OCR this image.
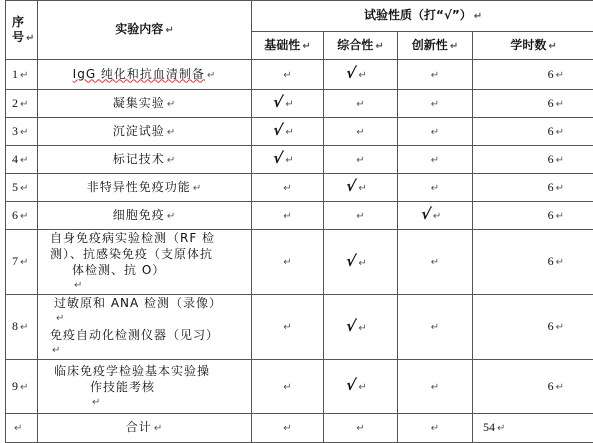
序
号 ↵	实验内容 ↵	试验性质（打“√”） ↵			
		基础性 ↵	综合性 ↵	创新性 ↵	学时数 ↵
1 ↵	IgG 纯化和抗血清制备 ↵	↵	√↵	↵	6 ↵
2 ↵	凝集实验 ↵	√↵	↵	↵	6 ↵
3 ↵	沉淀试验 ↵	√↵	↵	↵	6 ↵
4 ↵	标记技术 ↵	√↵	↵	↵	6 ↵
5 ↵	非特异性免疫功能 ↵	↵	√↵	↵	6 ↵
6 ↵	细胞免疫 ↵	↵	↵	√↵	6 ↵
7 ↵	自身免疫病实验检测（RF 检
测）、抗感染免疫（支原体抗
体检测、抗 O）
↵	↵	√↵	↵	6 ↵
8 ↵	过敏原和 ANA 检测（录像）
↵
免疫自动化检测仪器（见习）
↵	↵	√↵	↵	6 ↵
9 ↵	临床免疫学检验基本实验操
作技能考核
↵	↵	√↵	↵	6 ↵
↵	合计 ↵	↵	↵	↵	54 ↵
